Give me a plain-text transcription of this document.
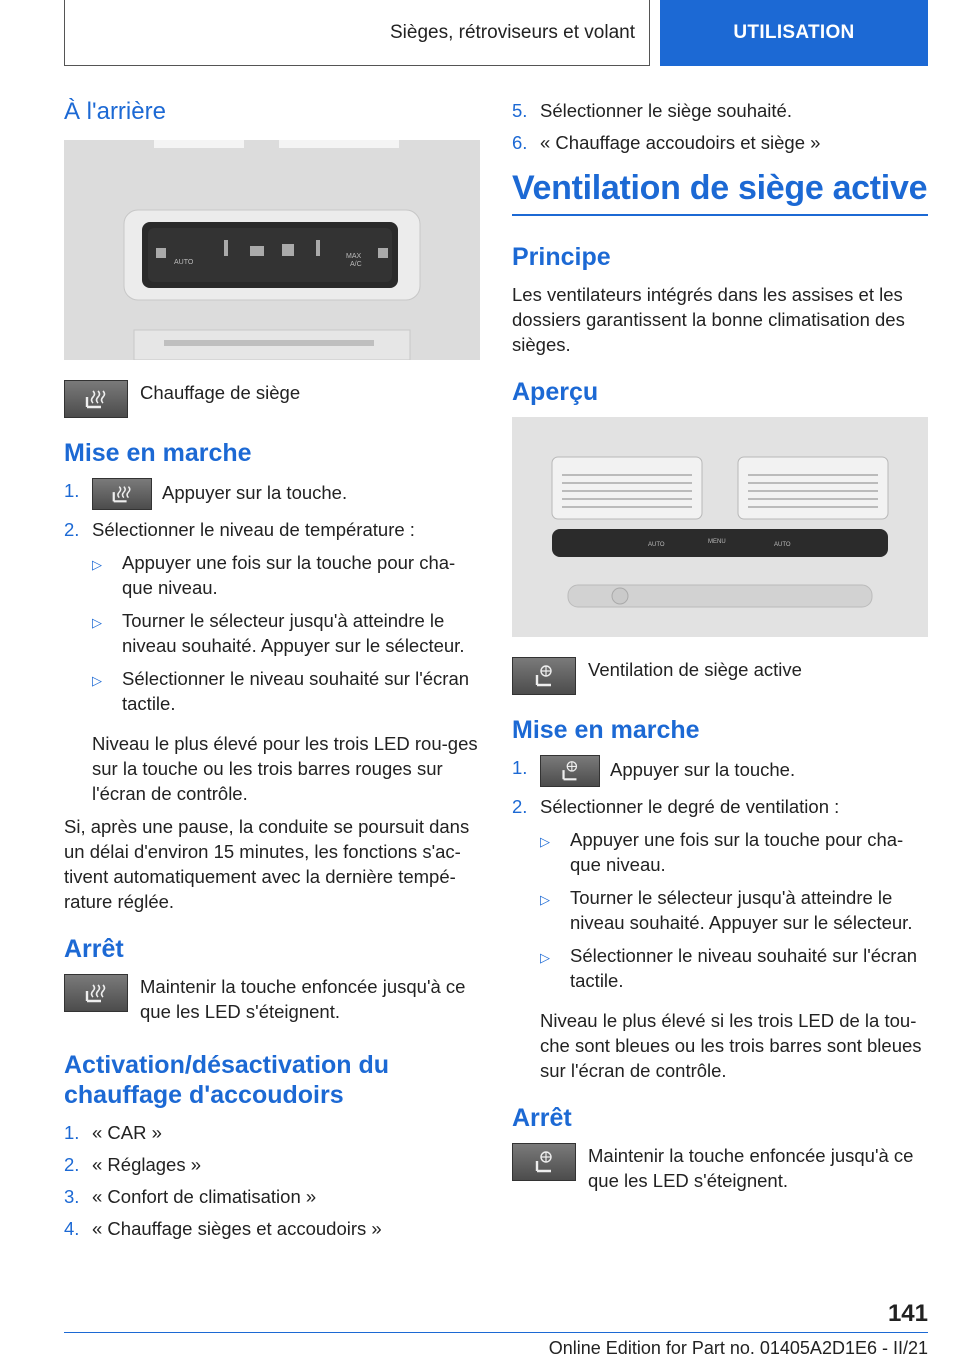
Sièges, rétroviseurs et volant	UTILISATION
À l'arrière
AUTO
MAX
A/C
Chauffage de siège
Mise en marche
1.	Appuyer sur la touche.
2. Sélectionner le niveau de température :
▷	Appuyer une fois sur la touche pour cha-que niveau.
▷	Tourner le sélecteur jusqu'à atteindre le niveau souhaité. Appuyer sur le sélecteur.
▷	Sélectionner le niveau souhaité sur l'écran tactile.

Niveau le plus élevé pour les trois LED rou-ges sur la touche ou les trois barres rouges sur l'écran de contrôle.

Si, après une pause, la conduite se poursuit dans un délai d'environ 15 minutes, les fonctions s'ac-tivent automatiquement avec la dernière tempé-rature réglée.

Arrêt
Maintenir la touche enfoncée jusqu'à ce que les LED s'éteignent.
Activation/désactivation du chauffage d'accoudoirs
1. « CAR »
2. « Réglages »
3. « Confort de climatisation »
4. « Chauffage sièges et accoudoirs »
5. Sélectionner le siège souhaité.
6. « Chauffage accoudoirs et siège »
Ventilation de siège active
Principe

Les ventilateurs intégrés dans les assises et les dossiers garantissent la bonne climatisation des sièges.

Aperçu
AUTO	MENU	AUTO
Ventilation de siège active
Mise en marche
1.	Appuyer sur la touche.
2. Sélectionner le degré de ventilation :
▷	Appuyer une fois sur la touche pour cha-que niveau.
▷	Tourner le sélecteur jusqu'à atteindre le niveau souhaité. Appuyer sur le sélecteur.
▷	Sélectionner le niveau souhaité sur l'écran tactile.

Niveau le plus élevé si les trois LED de la tou-che sont bleues ou les trois barres sont bleues sur l'écran de contrôle.

Arrêt
Maintenir la touche enfoncée jusqu'à ce que les LED s'éteignent.
141
Online Edition for Part no. 01405A2D1E6 - II/21
